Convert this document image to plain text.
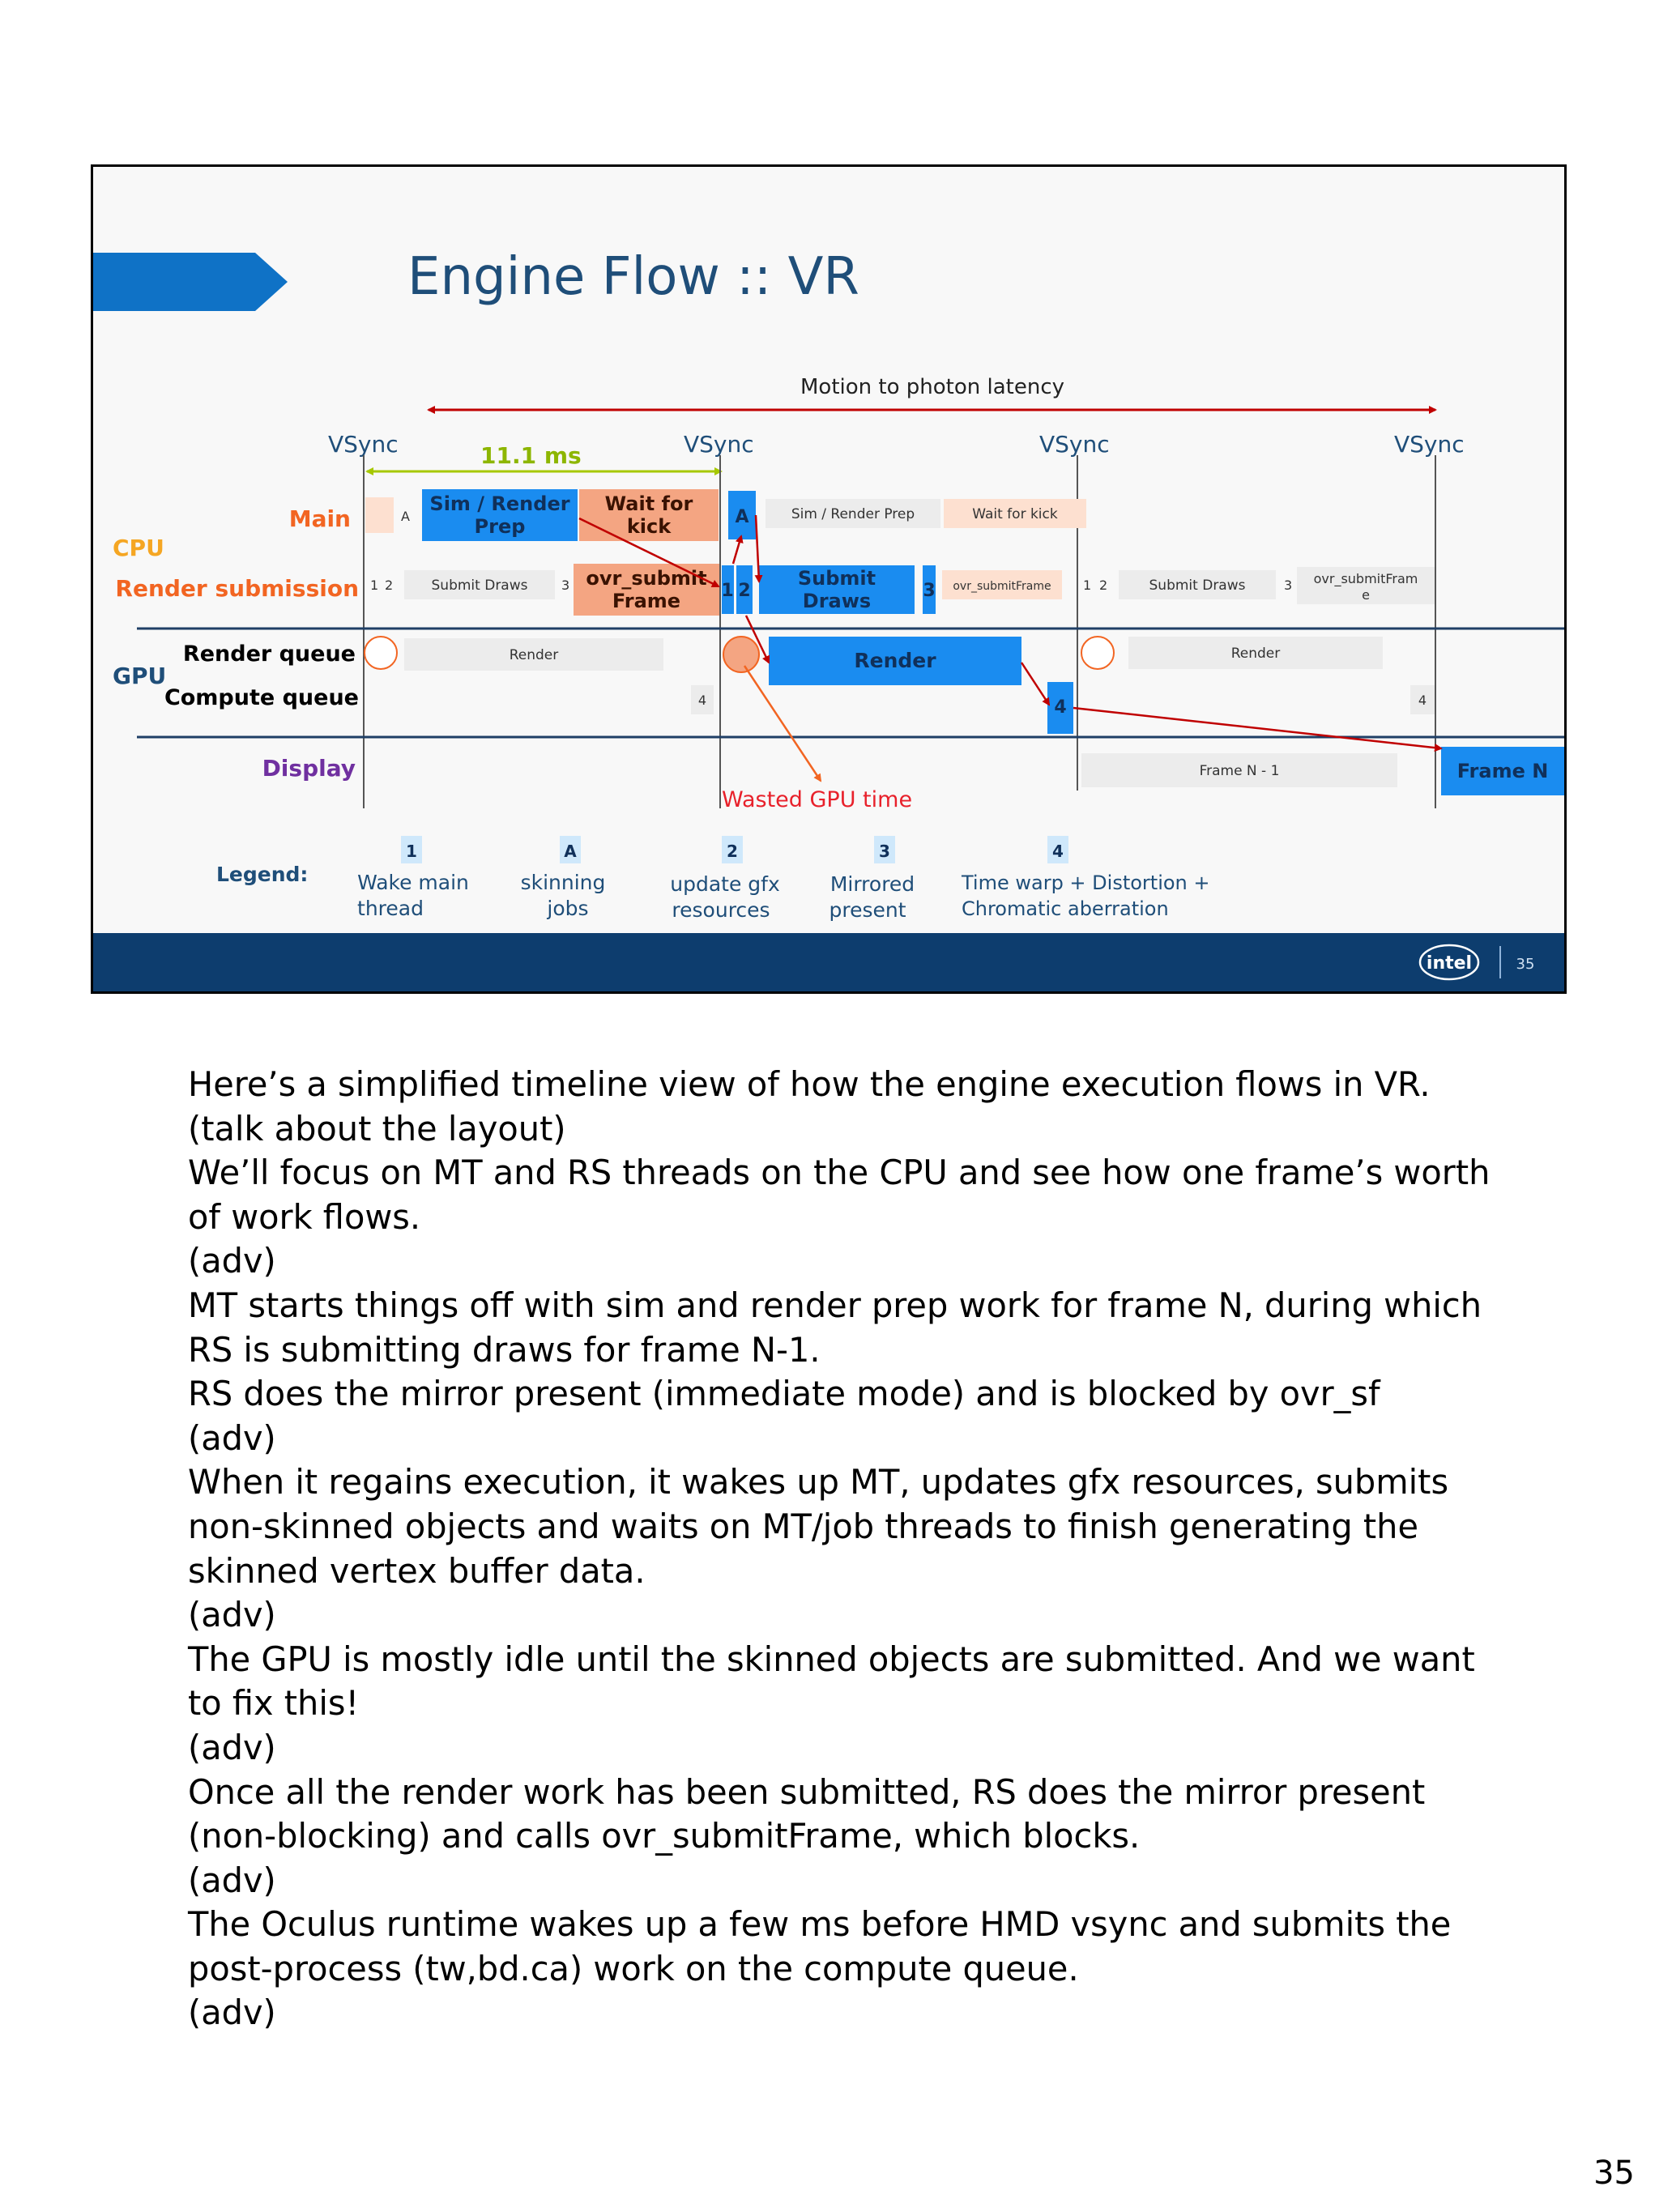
Engine Flow :: VR
Motion to photon latency
VSync	VSync	VSync	VSync
11.1 ms
Main
CPU
Render submission
Render queue
GPU
Compute queue
Display
A
Sim / Render
Prep
Wait for
kick	A	Sim / Render Prep	Wait for kick
1 2	Submit Draws	3 ovr_submit
Frame 1 2
Submit
Draws	3 ovr_submitFrame 1 2	Submit Draws	3 ovr_submitFram
e
Render	Render	Render
4	4	4
Frame N - 1	Frame N
Wasted GPU time
Legend:
1
Wake main
thread
A
skinning
jobs
2
update gfx
resources
3
Mirrored
present
4
Time warp + Distortion +
Chromatic aberration
intel	35

Here’s a simplified timeline view of how the engine execution flows in VR.

(talk about the layout)

We’ll focus on MT and RS threads on the CPU and see how one frame’s worth of work flows.

(adv)

MT starts things off with sim and render prep work for frame N, during which RS is submitting draws for frame N-1.

RS does the mirror present (immediate mode) and is blocked by ovr_sf

(adv)

When it regains execution, it wakes up MT, updates gfx resources, submits non-skinned objects and waits on MT/job threads to finish generating the skinned vertex buffer data.

(adv)

The GPU is mostly idle until the skinned objects are submitted. And we want to fix this!

(adv)

Once all the render work has been submitted, RS does the mirror present (non-blocking) and calls ovr_submitFrame, which blocks.

(adv)

The Oculus runtime wakes up a few ms before HMD vsync and submits the post-process (tw,bd.ca) work on the compute queue.

(adv)

35
